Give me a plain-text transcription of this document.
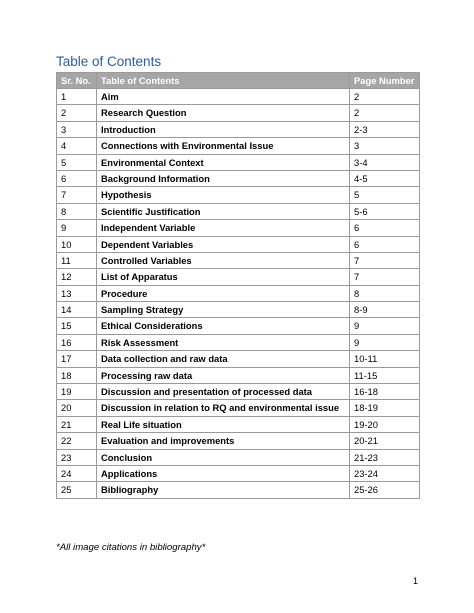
Table of Contents
Sr. No.	Table of Contents	Page Number
1	Aim	2
2	Research Question	2
3	Introduction	2-3
4	Connections with Environmental Issue	3
5	Environmental Context	3-4
6	Background Information	4-5
7	Hypothesis	5
8	Scientific Justification	5-6
9	Independent Variable	6
10	Dependent Variables	6
11	Controlled Variables	7
12	List of Apparatus	7
13	Procedure	8
14	Sampling Strategy	8-9
15	Ethical Considerations	9
16	Risk Assessment	9
17	Data collection and raw data	10-11
18	Processing raw data	11-15
19	Discussion and presentation of processed data	16-18
20	Discussion in relation to RQ and environmental issue	18-19
21	Real Life situation	19-20
22	Evaluation and improvements	20-21
23	Conclusion	21-23
24	Applications	23-24
25	Bibliography	25-26
*All image citations in bibliography*
1
